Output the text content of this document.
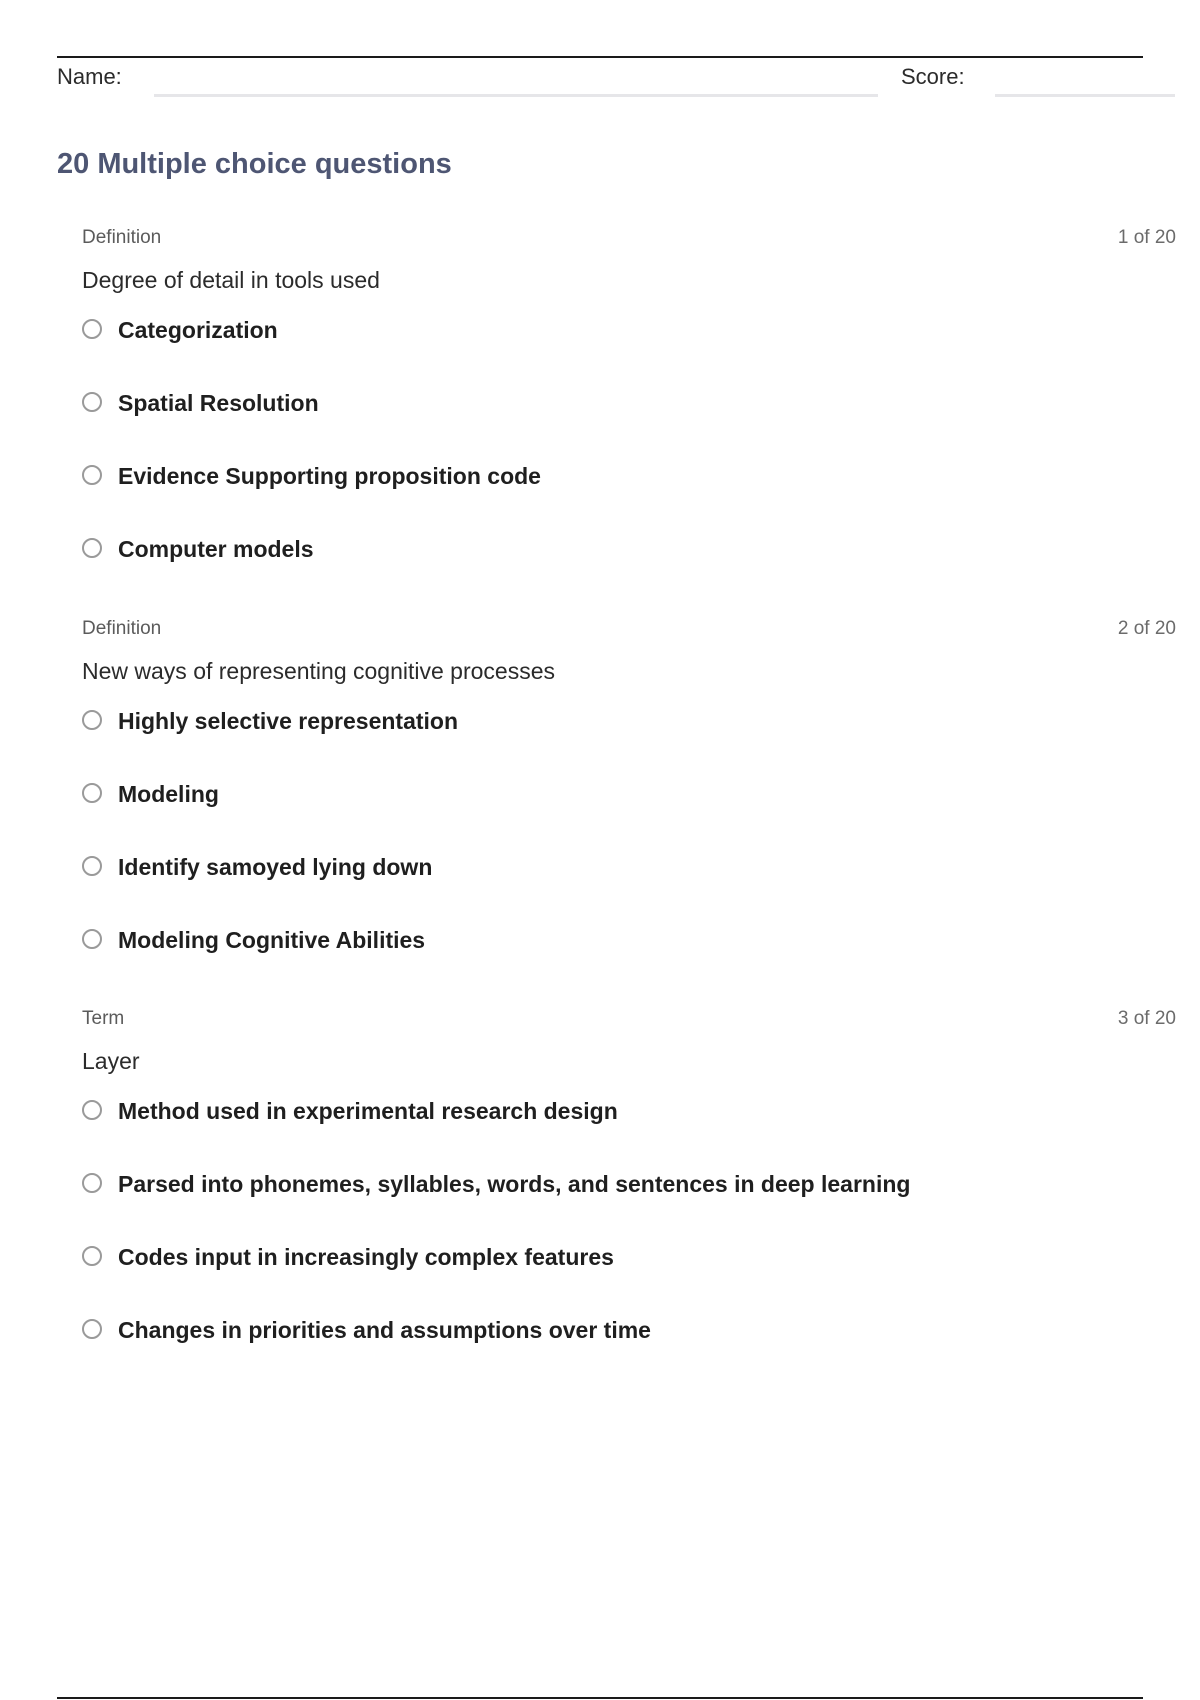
Name:	Score:
20 Multiple choice questions
Definition	1 of 20
Degree of detail in tools used
Categorization
Spatial Resolution
Evidence Supporting proposition code
Computer models
Definition	2 of 20
New ways of representing cognitive processes
Highly selective representation
Modeling
Identify samoyed lying down
Modeling Cognitive Abilities
Term	3 of 20
Layer
Method used in experimental research design
Parsed into phonemes, syllables, words, and sentences in deep learning
Codes input in increasingly complex features
Changes in priorities and assumptions over time
